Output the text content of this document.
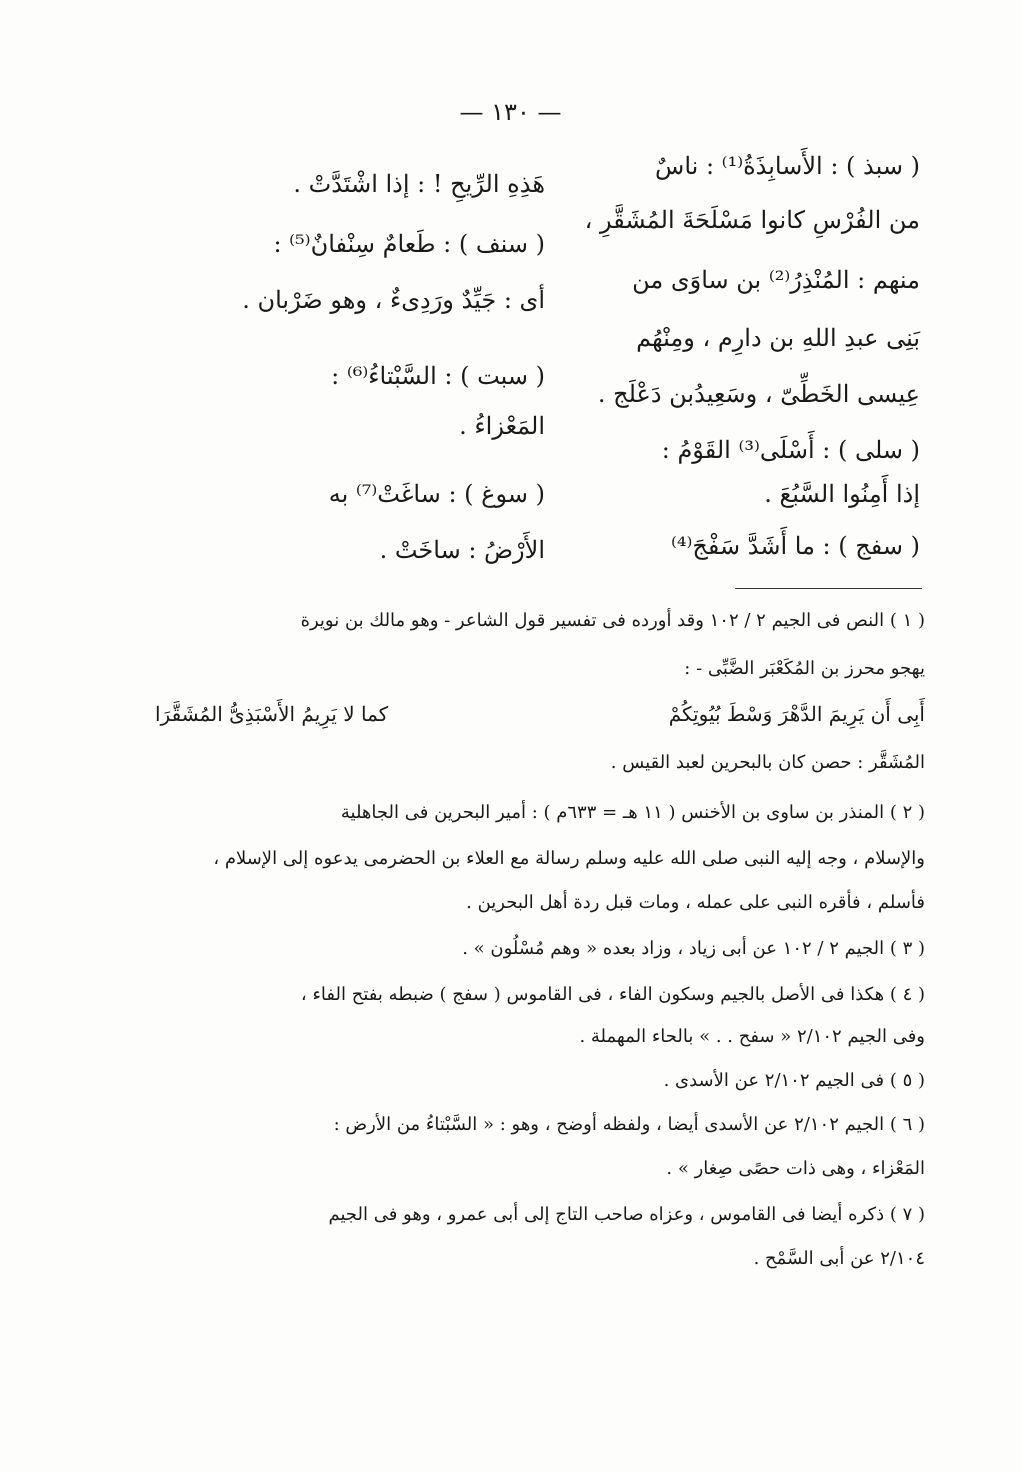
— ١٣٠ —
( سبذ ) : الأَسابِذَةُ⁽¹⁾ : ناسٌ
من الفُرْسِ كانوا مَسْلَحَةَ المُشَقَّرِ ،
منهم : المُنْذِرُ⁽²⁾ بن ساوَى من
بَنِى عبدِ اللهِ بن دارِم ، ومِنْهُم
عِيسى الخَطِّىّ ، وسَعِيدُبن دَعْلَج .
( سلى ) : أَسْلَى⁽³⁾ القَوْمُ :
إذا أَمِنُوا السَّبُعَ .
( سفج ) : ما أَشَدَّ سَفْجَ⁽⁴⁾
هَذِهِ الرِّيحِ ! : إذا اشْتَدَّتْ .
( سنف ) : طَعامٌ سِنْفانٌ⁽⁵⁾ :
أى : جَيِّدٌ ورَدِىءٌ ، وهو ضَرْبان .
( سبت ) : السَّبْتاءُ⁽⁶⁾ :
المَعْزاءُ .
( سوغ ) : ساغَتْ⁽⁷⁾ به
الأَرْضُ : ساخَتْ .
( ١ ) النص فى الجيم ٢ / ١٠٢ وقد أورده فى تفسير قول الشاعر - وهو مالك بن نويرة
يهجو محرز بن المُكَعْبَر الضَّبِّى - :
أَبِى أَن يَرِيمَ الدَّهْرَ وَسْطَ بُيُوتِكُمْ
كما لا يَرِيمُ الأَسْبَذِىُّ المُشَقَّرَا
المُشَقَّر : حصن كان بالبحرين لعبد القيس .
( ٢ ) المنذر بن ساوى بن الأخنس ( ١١ هـ = ٦٣٣م ) : أمير البحرين فى الجاهلية
والإسلام ، وجه إليه النبى صلى الله عليه وسلم رسالة مع العلاء بن الحضرمى يدعوه إلى الإسلام ،
فأسلم ، فأقره النبى على عمله ، ومات قبل ردة أهل البحرين .
( ٣ ) الجيم ٢ / ١٠٢ عن أبى زياد ، وزاد بعده « وهم مُسْلُون » .
( ٤ ) هكذا فى الأصل بالجيم وسكون الفاء ، فى القاموس ( سفج ) ضبطه بفتح الفاء ،
وفى الجيم ٢/١٠٢ « سفح . . » بالحاء المهملة .
( ٥ ) فى الجيم ٢/١٠٢ عن الأسدى .
( ٦ ) الجيم ٢/١٠٢ عن الأسدى أيضا ، ولفظه أوضح ، وهو : « السَّبْتاءُ من الأرض :
المَعْزاء ، وهى ذات حصًى صِغار » .
( ٧ ) ذكره أيضا فى القاموس ، وعزاه صاحب التاج إلى أبى عمرو ، وهو فى الجيم
٢/١٠٤ عن أبى السَّمْح .
